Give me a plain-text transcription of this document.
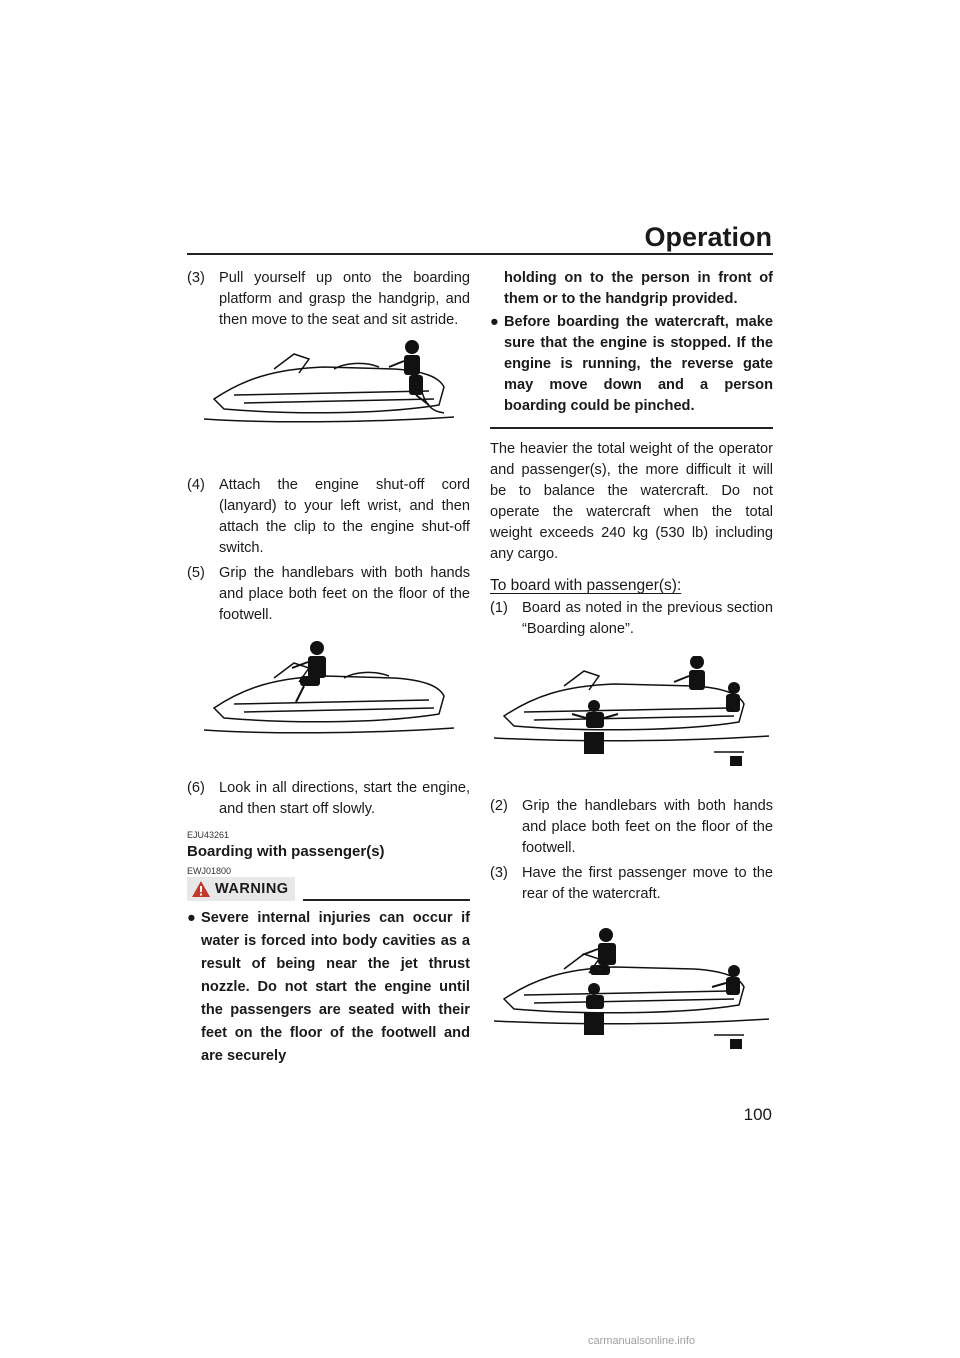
Operation

(3) Pull yourself up onto the boarding platform and grasp the handgrip, and then move to the seat and sit astride.

(4) Attach the engine shut-off cord (lanyard) to your left wrist, and then attach the clip to the engine shut-off switch.

(5) Grip the handlebars with both hands and place both feet on the floor of the footwell.

(6) Look in all directions, start the engine, and then start off slowly.

EJU43261

Boarding with passenger(s)

EWJ01800

WARNING

● Severe internal injuries can occur if water is forced into body cavities as a result of being near the jet thrust nozzle. Do not start the engine until the passengers are seated with their feet on the floor of the footwell and are securely

holding on to the person in front of them or to the handgrip provided.

● Before boarding the watercraft, make sure that the engine is stopped. If the engine is running, the reverse gate may move down and a person boarding could be pinched.

The heavier the total weight of the operator and passenger(s), the more difficult it will be to balance the watercraft. Do not operate the watercraft when the total weight exceeds 240 kg (530 lb) including any cargo.

To board with passenger(s):

(1) Board as noted in the previous section “Boarding alone”.

(2) Grip the handlebars with both hands and place both feet on the floor of the footwell.

(3) Have the first passenger move to the rear of the watercraft.

100
carmanualsonline.info
